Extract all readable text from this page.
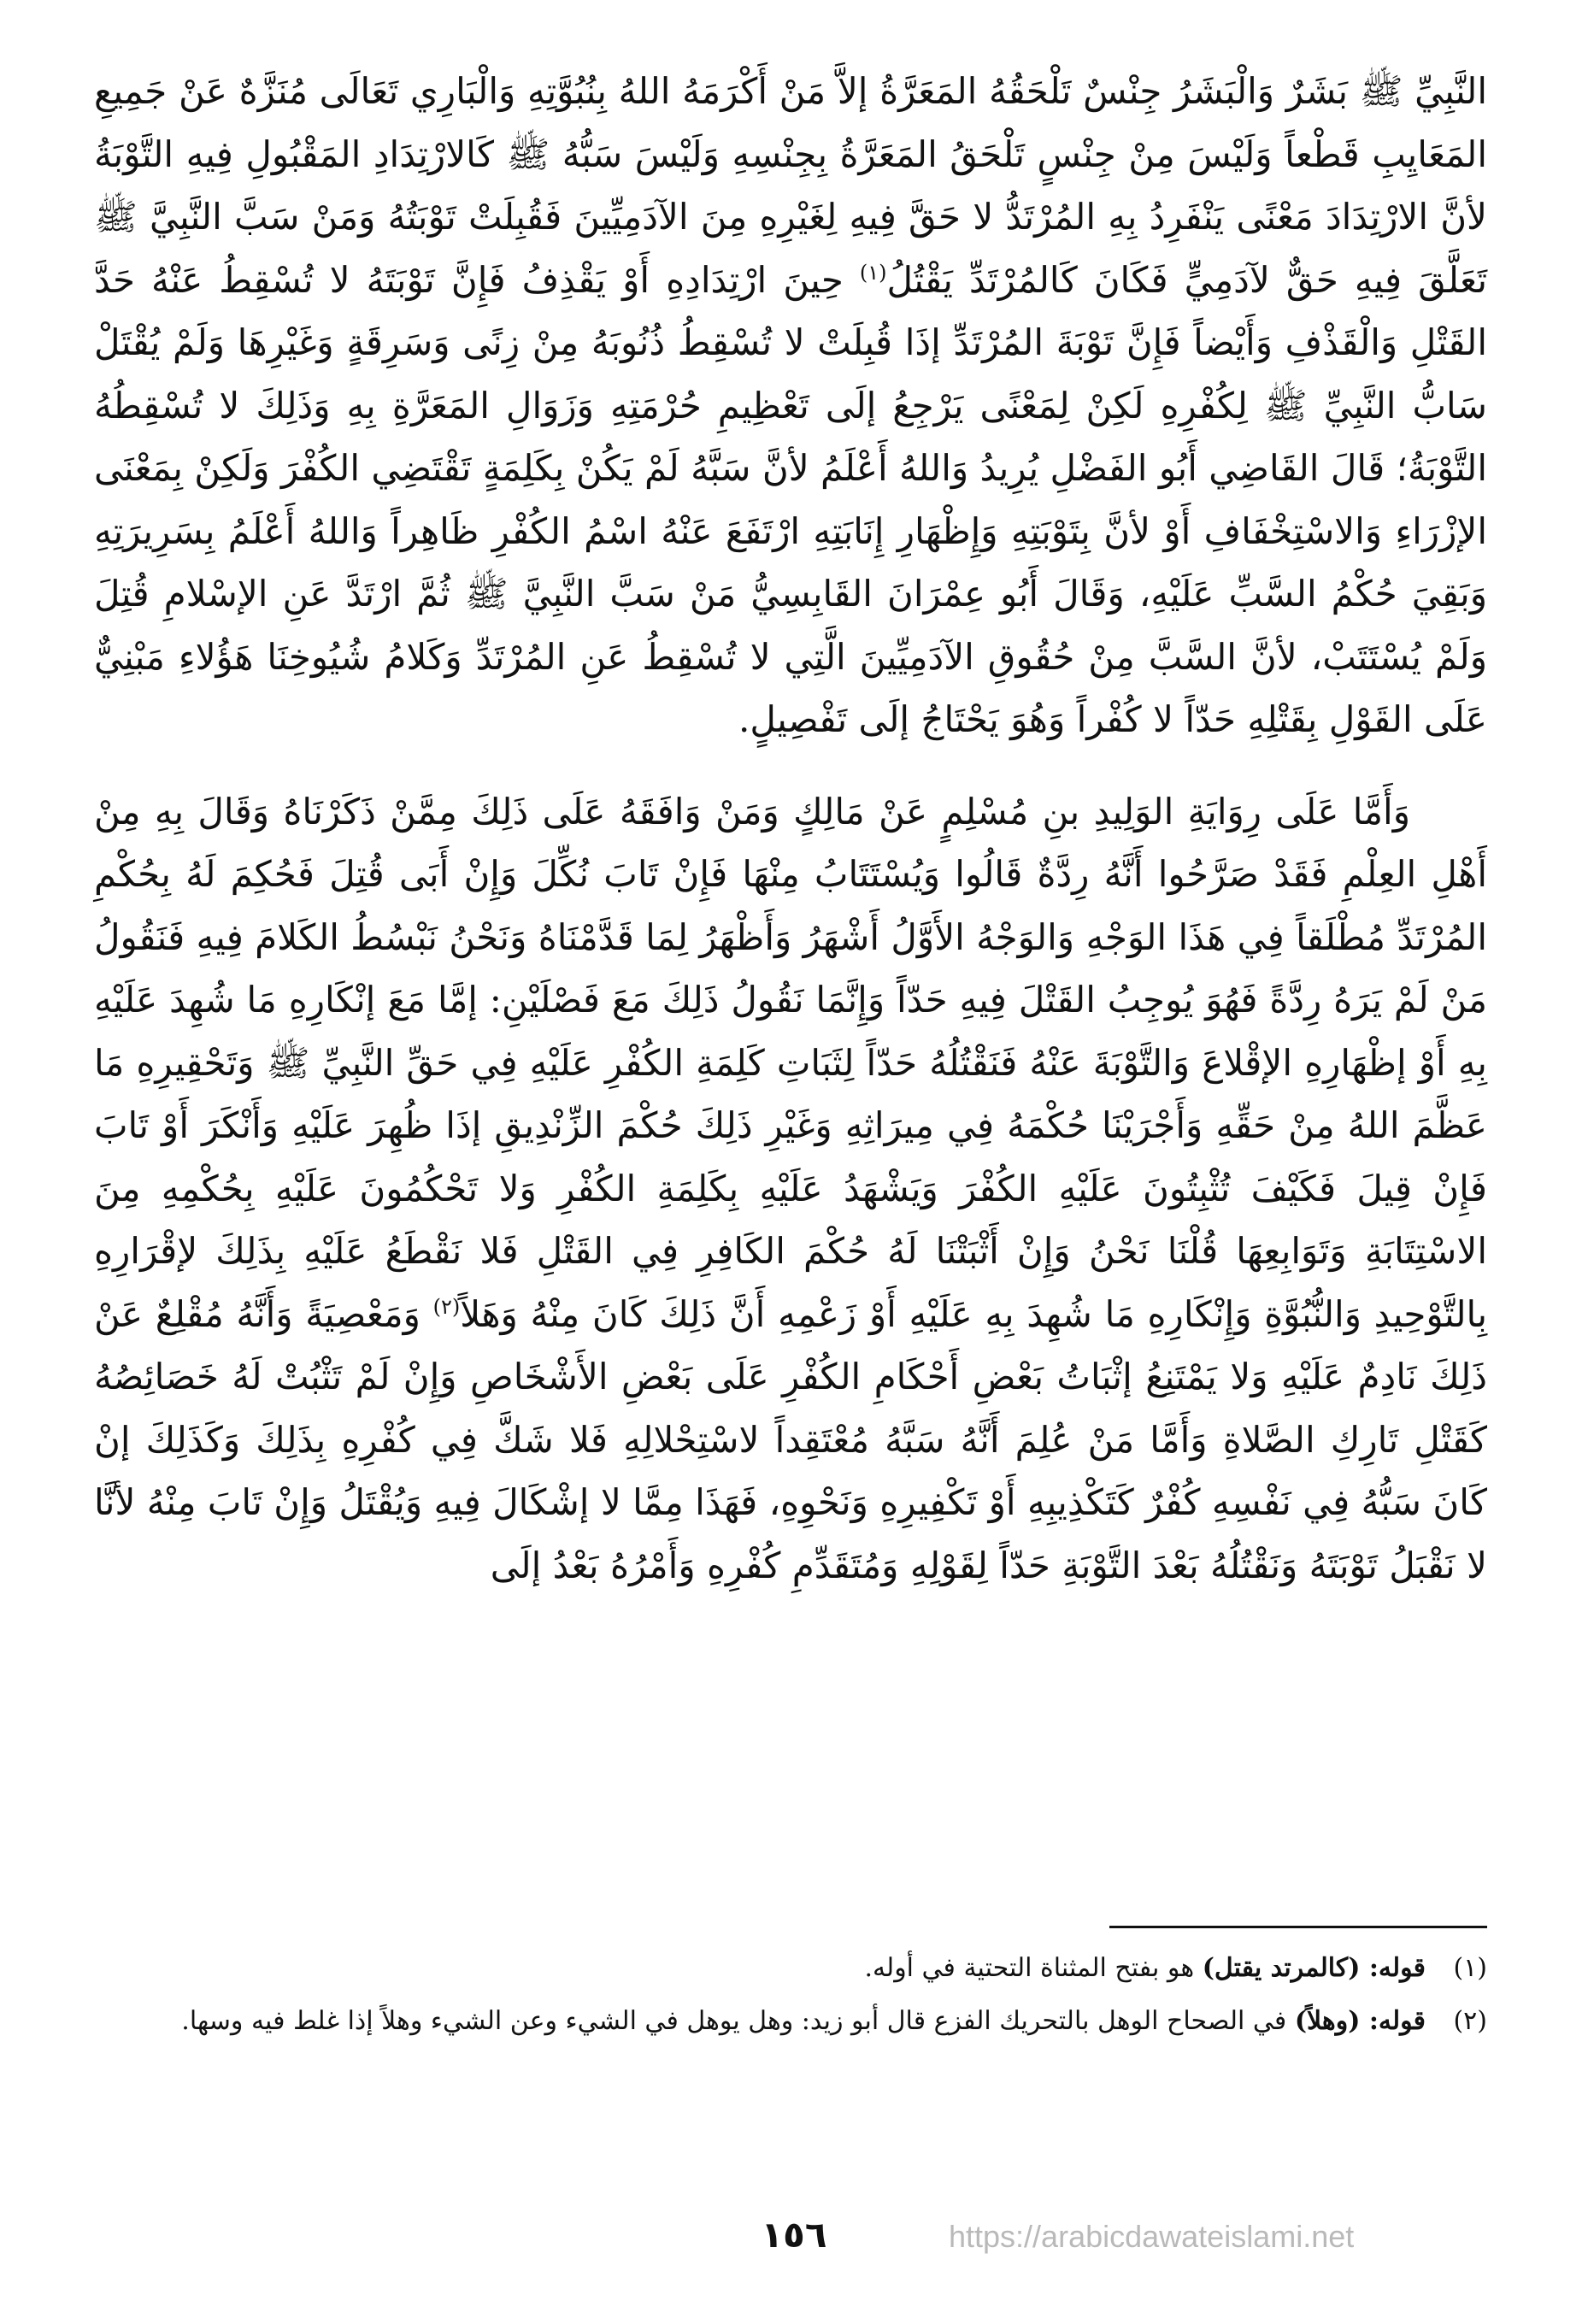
النَّبِيِّ ﷺ بَشَرٌ وَالْبَشَرُ جِنْسٌ تَلْحَقُهُ المَعَرَّةُ إلاَّ مَنْ أَكْرَمَهُ اللهُ بِنُبُوَّتِهِ وَالْبَارِي تَعَالَى مُنَزَّهٌ عَنْ جَمِيعِ المَعَايِبِ قَطْعاً وَلَيْسَ مِنْ جِنْسٍ تَلْحَقُ المَعَرَّةُ بِجِنْسِهِ وَلَيْسَ سَبُّهُ ﷺ كَالارْتِدَادِ المَقْبُولِ فِيهِ التَّوْبَةُ لأنَّ الارْتِدَادَ مَعْنًى يَنْفَرِدُ بِهِ المُرْتَدُّ لا حَقَّ فِيهِ لِغَيْرِهِ مِنَ الآدَمِيِّينَ فَقُبِلَتْ تَوْبَتُهُ وَمَنْ سَبَّ النَّبِيَّ ﷺ تَعَلَّقَ فِيهِ حَقٌّ لآدَمِيٍّ فَكَانَ كَالمُرْتَدِّ يَقْتُلُ$^{(١)}$ حِينَ ارْتِدَادِهِ أَوْ يَقْذِفُ فَإِنَّ تَوْبَتَهُ لا تُسْقِطُ عَنْهُ حَدَّ القَتْلِ وَالْقَذْفِ وَأَيْضاً فَإِنَّ تَوْبَةَ المُرْتَدِّ إذَا قُبِلَتْ لا تُسْقِطُ ذُنُوبَهُ مِنْ زِنًى وَسَرِقَةٍ وَغَيْرِهَا وَلَمْ يُقْتَلْ سَابُّ النَّبِيِّ ﷺ لِكُفْرِهِ لَكِنْ لِمَعْنًى يَرْجِعُ إلَى تَعْظِيمِ حُرْمَتِهِ وَزَوَالِ المَعَرَّةِ بِهِ وَذَلِكَ لا تُسْقِطُهُ التَّوْبَةُ؛ قَالَ القَاضِي أَبُو الفَضْلِ يُرِيدُ وَاللهُ أَعْلَمُ لأنَّ سَبَّهُ لَمْ يَكُنْ بِكَلِمَةٍ تَقْتَضِي الكُفْرَ وَلَكِنْ بِمَعْنَى الإزْرَاءِ وَالاسْتِخْفَافِ أَوْ لأنَّ بِتَوْبَتِهِ وَإِظْهَارِ إِنَابَتِهِ ارْتَفَعَ عَنْهُ اسْمُ الكُفْرِ ظَاهِراً وَاللهُ أَعْلَمُ بِسَرِيرَتِهِ وَبَقِيَ حُكْمُ السَّبِّ عَلَيْهِ، وَقَالَ أَبُو عِمْرَانَ القَابِسِيُّ مَنْ سَبَّ النَّبِيَّ ﷺ ثُمَّ ارْتَدَّ عَنِ الإسْلامِ قُتِلَ وَلَمْ يُسْتَتَبْ، لأنَّ السَّبَّ مِنْ حُقُوقِ الآدَمِيِّينَ الَّتِي لا تُسْقِطُ عَنِ المُرْتَدِّ وَكَلامُ شُيُوخِنَا هَؤُلاءِ مَبْنِيٌّ عَلَى القَوْلِ بِقَتْلِهِ حَدّاً لا كُفْراً وَهُوَ يَحْتَاجُ إلَى تَفْصِيلٍ.

وَأَمَّا عَلَى رِوَايَةِ الوَلِيدِ بنِ مُسْلِمٍ عَنْ مَالِكٍ وَمَنْ وَافَقَهُ عَلَى ذَلِكَ مِمَّنْ ذَكَرْنَاهُ وَقَالَ بِهِ مِنْ أَهْلِ العِلْمِ فَقَدْ صَرَّحُوا أَنَّهُ رِدَّةٌ قَالُوا وَيُسْتَتَابُ مِنْهَا فَإِنْ تَابَ نُكِّلَ وَإِنْ أَبَى قُتِلَ فَحُكِمَ لَهُ بِحُكْمِ المُرْتَدِّ مُطْلَقاً فِي هَذَا الوَجْهِ وَالوَجْهُ الأَوَّلُ أَشْهَرُ وَأَظْهَرُ لِمَا قَدَّمْنَاهُ وَنَحْنُ نَبْسُطُ الكَلامَ فِيهِ فَنَقُولُ مَنْ لَمْ يَرَهُ رِدَّةً فَهُوَ يُوجِبُ القَتْلَ فِيهِ حَدّاً وَإِنَّمَا نَقُولُ ذَلِكَ مَعَ فَصْلَيْنِ: إمَّا مَعَ إنْكَارِهِ مَا شُهِدَ عَلَيْهِ بِهِ أَوْ إظْهَارِهِ الإقْلاعَ وَالتَّوْبَةَ عَنْهُ فَنَقْتُلُهُ حَدّاً لِثَبَاتِ كَلِمَةِ الكُفْرِ عَلَيْهِ فِي حَقِّ النَّبِيِّ ﷺ وَتَحْقِيرِهِ مَا عَظَّمَ اللهُ مِنْ حَقِّهِ وَأَجْرَيْنَا حُكْمَهُ فِي مِيرَاثِهِ وَغَيْرِ ذَلِكَ حُكْمَ الزِّنْدِيقِ إذَا ظُهِرَ عَلَيْهِ وَأَنْكَرَ أَوْ تَابَ فَإِنْ قِيلَ فَكَيْفَ تُثْبِتُونَ عَلَيْهِ الكُفْرَ وَيَشْهَدُ عَلَيْهِ بِكَلِمَةِ الكُفْرِ وَلا تَحْكُمُونَ عَلَيْهِ بِحُكْمِهِ مِنَ الاسْتِتَابَةِ وَتَوَابِعِهَا قُلْنَا نَحْنُ وَإِنْ أَثْبَتْنَا لَهُ حُكْمَ الكَافِرِ فِي القَتْلِ فَلا نَقْطَعُ عَلَيْهِ بِذَلِكَ لإقْرَارِهِ بِالتَّوْحِيدِ وَالنُّبُوَّةِ وَإِنْكَارِهِ مَا شُهِدَ بِهِ عَلَيْهِ أَوْ زَعْمِهِ أَنَّ ذَلِكَ كَانَ مِنْهُ وَهَلاً$^{(٢)}$ وَمَعْصِيَةً وَأَنَّهُ مُقْلِعٌ عَنْ ذَلِكَ نَادِمٌ عَلَيْهِ وَلا يَمْتَنِعُ إثْبَاتُ بَعْضِ أَحْكَامِ الكُفْرِ عَلَى بَعْضِ الأَشْخَاصِ وَإِنْ لَمْ تَثْبُتْ لَهُ خَصَائِصُهُ كَقَتْلِ تَارِكِ الصَّلاةِ وَأَمَّا مَنْ عُلِمَ أَنَّهُ سَبَّهُ مُعْتَقِداً لاسْتِحْلالِهِ فَلا شَكَّ فِي كُفْرِهِ بِذَلِكَ وَكَذَلِكَ إنْ كَانَ سَبُّهُ فِي نَفْسِهِ كُفْرٌ كَتَكْذِيبِهِ أَوْ تَكْفِيرِهِ وَنَحْوِهِ، فَهَذَا مِمَّا لا إشْكَالَ فِيهِ وَيُقْتَلُ وَإِنْ تَابَ مِنْهُ لأنَّا لا نَقْبَلُ تَوْبَتَهُ وَنَقْتُلُهُ بَعْدَ التَّوْبَةِ حَدّاً لِقَوْلِهِ وَمُتَقَدِّمِ كُفْرِهِ وَأَمْرُهُ بَعْدُ إلَى

(١)
قوله: (كالمرتد يقتل) هو بفتح المثناة التحتية في أوله.
(٢)
قوله: (وهلاً) في الصحاح الوهل بالتحريك الفزع قال أبو زيد: وهل يوهل في الشيء وعن الشيء وهلاً إذا غلط فيه وسها.
١٥٦	https://arabicdawateislami.net
